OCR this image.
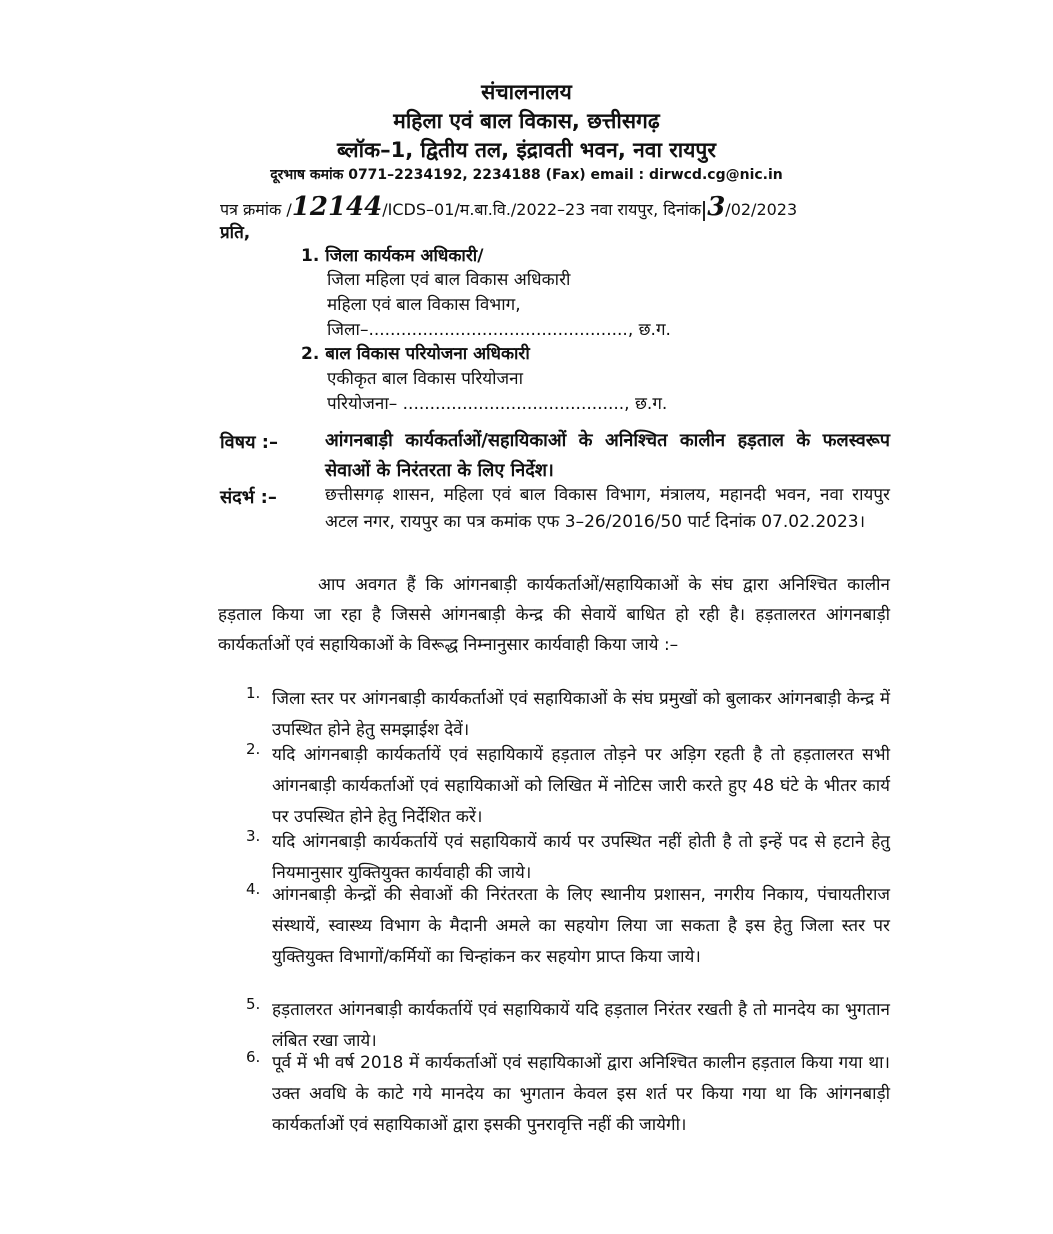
संचालनालय
महिला एवं बाल विकास, छत्तीसगढ़
ब्लॉक–1, द्वितीय तल, इंद्रावती भवन, नवा रायपुर
दूरभाष कमांक 0771–2234192, 2234188 (Fax) email : dirwcd.cg@nic.in
पत्र क्रमांक /12144/ICDS–01/म.बा.वि./2022–23 नवा रायपुर, दिनांक 3/02/2023
प्रति,
1. जिला कार्यकम अधिकारी/
जिला महिला एवं बाल विकास अधिकारी
महिला एवं बाल विकास विभाग,
जिला–................................................, छ.ग.
2. बाल विकास परियोजना अधिकारी
एकीकृत बाल विकास परियोजना
परियोजना– ........................................., छ.ग.
विषय :–	आंगनबाड़ी कार्यकर्ताओं/सहायिकाओं के अनिश्चित कालीन हड़ताल के फलस्वरूप सेवाओं के निरंतरता के लिए निर्देश।
संदर्भ :–	छत्तीसगढ़ शासन, महिला एवं बाल विकास विभाग, मंत्रालय, महानदी भवन, नवा रायपुर अटल नगर, रायपुर का पत्र कमांक एफ 3–26/2016/50 पार्ट दिनांक 07.02.2023।
आप अवगत हैं कि आंगनबाड़ी कार्यकर्ताओं/सहायिकाओं के संघ द्वारा अनिश्चित कालीन हड़ताल किया जा रहा है जिससे आंगनबाड़ी केन्द्र की सेवायें बाधित हो रही है। हड़तालरत आंगनबाड़ी कार्यकर्ताओं एवं सहायिकाओं के विरूद्ध निम्नानुसार कार्यवाही किया जाये :–
1. जिला स्तर पर आंगनबाड़ी कार्यकर्ताओं एवं सहायिकाओं के संघ प्रमुखों को बुलाकर आंगनबाड़ी केन्द्र में उपस्थित होने हेतु समझाईश देवें।
2. यदि आंगनबाड़ी कार्यकर्तायें एवं सहायिकायें हड़ताल तोड़ने पर अड़िग रहती है तो हड़तालरत सभी आंगनबाड़ी कार्यकर्ताओं एवं सहायिकाओं को लिखित में नोटिस जारी करते हुए 48 घंटे के भीतर कार्य पर उपस्थित होने हेतु निर्देशित करें।
3. यदि आंगनबाड़ी कार्यकर्तायें एवं सहायिकायें कार्य पर उपस्थित नहीं होती है तो इन्हें पद से हटाने हेतु नियमानुसार युक्तियुक्त कार्यवाही की जाये।
4. आंगनबाड़ी केन्द्रों की सेवाओं की निरंतरता के लिए स्थानीय प्रशासन, नगरीय निकाय, पंचायतीराज संस्थायें, स्वास्थ्य विभाग के मैदानी अमले का सहयोग लिया जा सकता है इस हेतु जिला स्तर पर युक्तियुक्त विभागों/कर्मियों का चिन्हांकन कर सहयोग प्राप्त किया जाये।
5. हड़तालरत आंगनबाड़ी कार्यकर्तायें एवं सहायिकायें यदि हड़ताल निरंतर रखती है तो मानदेय का भुगतान लंबित रखा जाये।
6. पूर्व में भी वर्ष 2018 में कार्यकर्ताओं एवं सहायिकाओं द्वारा अनिश्चित कालीन हड़ताल किया गया था। उक्त अवधि के काटे गये मानदेय का भुगतान केवल इस शर्त पर किया गया था कि आंगनबाड़ी कार्यकर्ताओं एवं सहायिकाओं द्वारा इसकी पुनरावृत्ति नहीं की जायेगी।
